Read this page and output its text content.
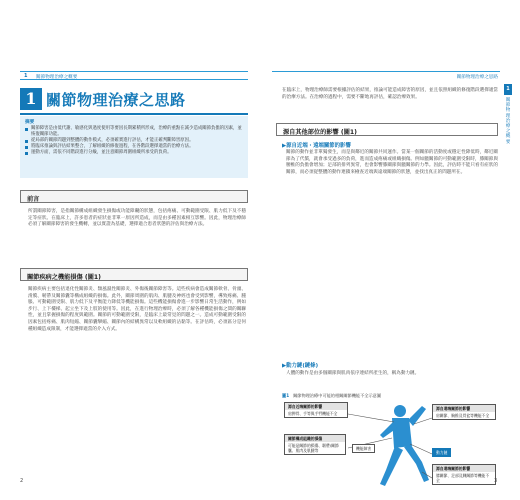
1 關節物理治療之概要
1 關節物理治療之思路
摘要
關節障害是由低代謝、敏感化與過度使用等要因長期累積所形成，治療的重點在減少造成關節負擔的因素，並恢復關節功能。
從局部的關節問題到整體的動作模式，必須確實進行評估，才能正確判斷障害原因。
將臨床推論與評估結果整合，了解組織的修復過程，在各階段選擇適當的治療方法。
運動方面，需依不同階段進行分級，並注意關節周圍組織所承受的負荷。
前言
所謂關節障害，是指關節構成組織發生損傷或功能障礙的狀態，包括疼痛、可動範圍受限、肌力低下及不穩定等症狀。在臨床上，許多患者的症狀並非單一原因所造成，而是由多種因素相互影響。因此，物理治療師必須了解關節障害的發生機轉，並以實證為基礎，選擇適合患者狀態的評估與治療方法。
關節疾病之機能損傷 (圖1)
關節疾病主要包括退化性關節炎、類風濕性關節炎、外傷後關節障害等。這些疾病會造成關節軟骨、骨頭、滑膜、韌帶及關節囊等構成組織的損傷。此外，關節周圍的肌肉、肌腱及神經也會受到影響，導致疼痛、腫脹、可動範圍受限、肌力低下及平衡能力降低等機能損傷。這些機能損傷會進一步影響日常生活動作，例如步行、上下樓梯、起立坐下及上肢的使用等。因此，在進行物理治療時，必須了解各種機能損傷之間的關聯性，並且掌握損傷的程度與範圍。關節的可動範圍受限，是臨床上最常見的問題之一。造成可動範圍受限的因素包括疼痛、肌肉短縮、關節囊攣縮、關節內的結構異常以及軟組織的沾黏等。在評估時，必須區分是何種組織造成限制，才能選擇適當的介入方式。
2
關節物理治療之思路
1
關節物理治療之概要
在臨床上，物理治療師需要根據評估的結果，推論可能造成障害的原因，並且依照組織的修復階段選擇適當的治療方法。在治療的過程中，需要不斷地再評估，確認治療效果。
源自其他部位的影響 (圖1)
▶源自近端・遠端關節的影響
關節的動作並非單獨發生，而是與鄰近的關節共同運作。當某一個關節的活動度或穩定性降低時，鄰近關節為了代償，就會承受過多的負荷，進而造成疼痛或組織損傷。例如髖關節的可動範圍受限時，膝關節與腰椎的負擔會增加；足部的排列異常，也會影響膝關節與髖關節的力學。因此，評估時不能只看有症狀的關節，而必須從整體的動作連鎖來檢查近端與遠端關節的狀態，並找出真正的問題所在。
▶動力鏈(鏈條)
人體的動作是由多個關節與肌肉依序連結所產生的，稱為動力鏈。
圖1 關節物理治療中可能的相關關節機能不全示意圖
源自近端關節的影響
肩胛骨、手等與手臂機能不全
關節構成組織的損傷
可能是關節的損傷、韌帶/關節囊、肌肉及肌腱等	機能障害
源自遠端關節的影響
肩關節、胸椎及骨盆等機能不全
動力鏈
源自遠端關節的影響
膝關節、足部及踝關節等機能不全	3
